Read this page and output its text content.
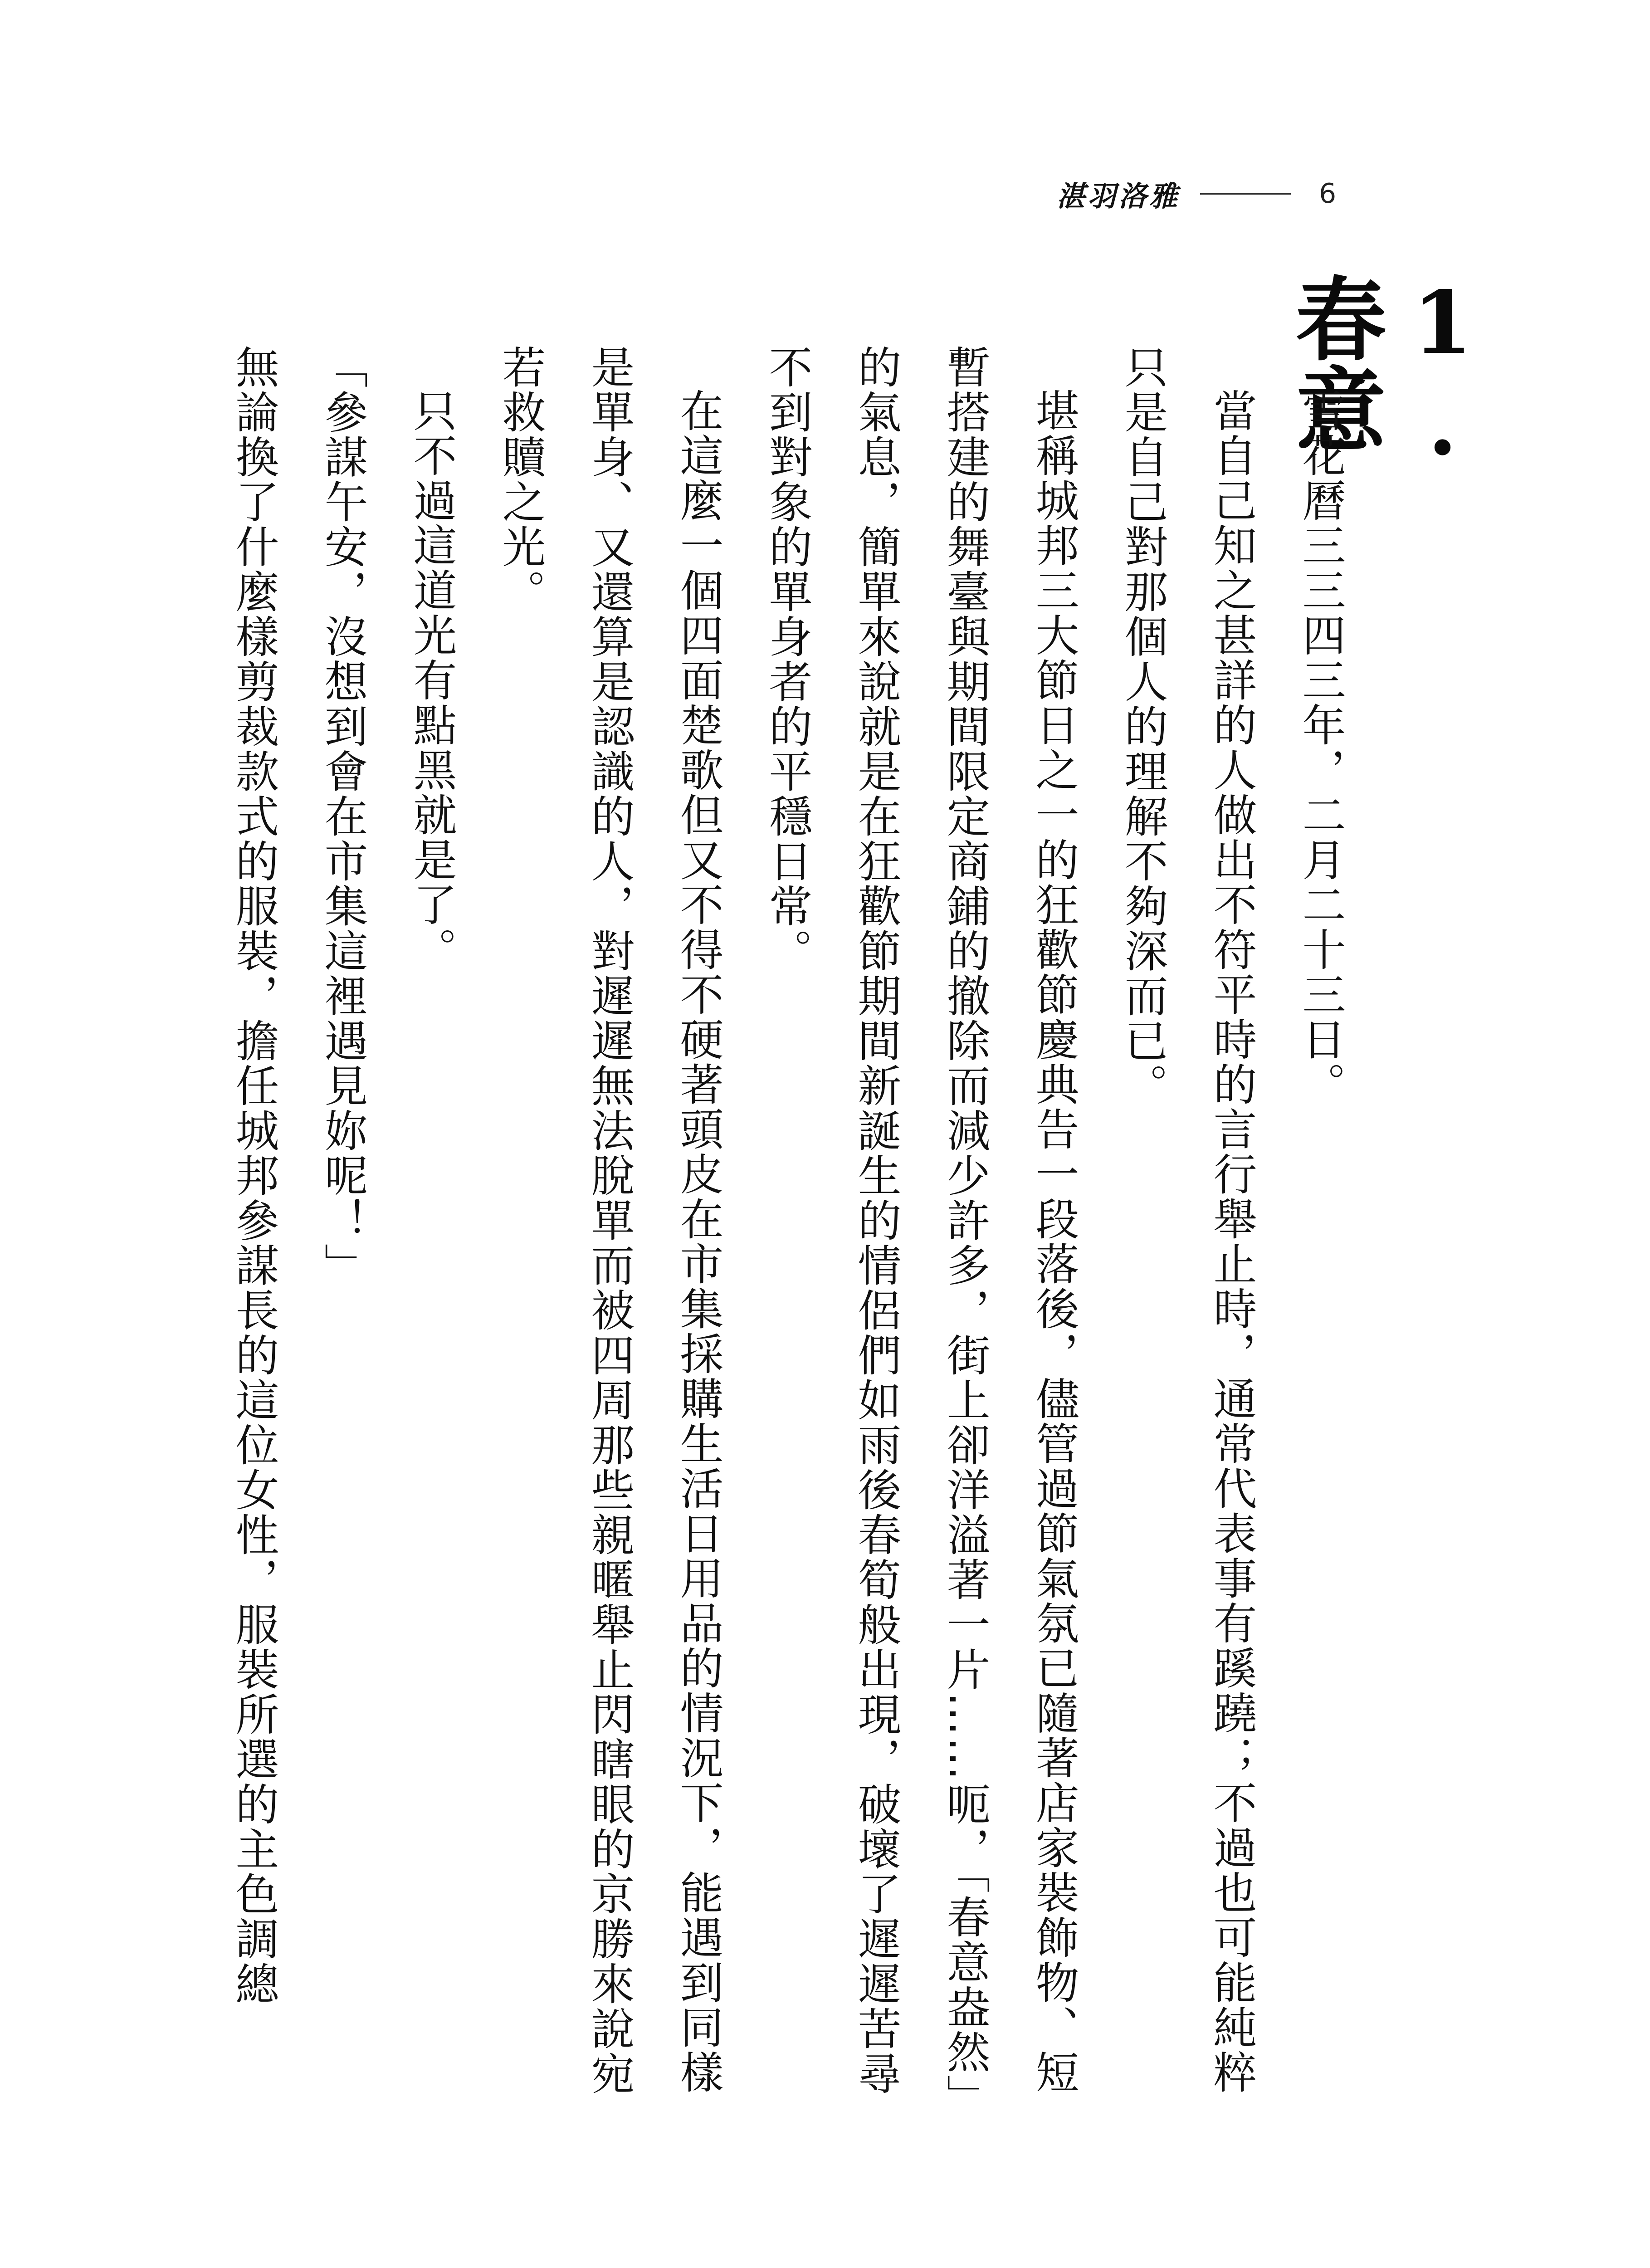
湛羽洛雅	6
1.春意

雪花曆三三四三年，二月二十三日。

當自己知之甚詳的人做出不符平時的言行舉止時，通常代表事有蹊蹺；不過也可能純粹只是自己對那個人的理解不夠深而已。

堪稱城邦三大節日之一的狂歡節慶典告一段落後，儘管過節氣氛已隨著店家裝飾物、短暫搭建的舞臺與期間限定商鋪的撤除而減少許多，街上卻洋溢著一片……呃，「春意盎然」的氣息，簡單來說就是在狂歡節期間新誕生的情侶們如雨後春筍般出現，破壞了遲遲苦尋不到對象的單身者的平穩日常。

在這麼一個四面楚歌但又不得不硬著頭皮在市集採購生活日用品的情況下，能遇到同樣是單身、又還算是認識的人，對遲遲無法脫單而被四周那些親暱舉止閃瞎眼的京勝來說宛若救贖之光。

只不過這道光有點黑就是了。

「參謀午安，沒想到會在市集這裡遇見妳呢！」

無論換了什麼樣剪裁款式的服裝，擔任城邦參謀長的這位女性，服裝所選的主色調總
